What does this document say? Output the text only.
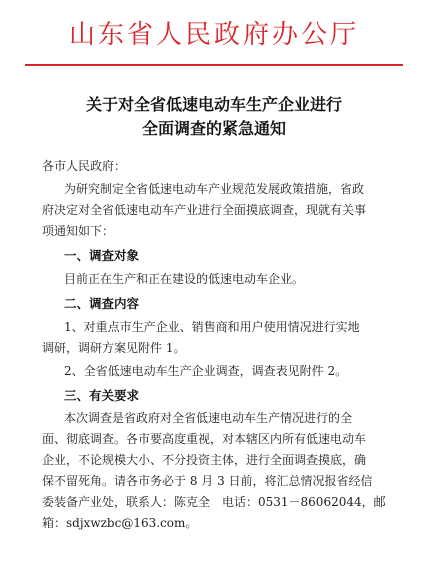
山东省人民政府办公厅
关于对全省低速电动车生产企业进行
全面调查的紧急通知
各市人民政府：
为研究制定全省低速电动车产业规范发展政策措施，省政
府决定对全省低速电动车产业进行全面摸底调查，现就有关事
项通知如下：
一、调查对象
目前正在生产和正在建设的低速电动车企业。
二、调查内容
1、对重点市生产企业、销售商和用户使用情况进行实地
调研，调研方案见附件 1。
2、全省低速电动车生产企业调查，调查表见附件 2。
三、有关要求
本次调查是省政府对全省低速电动车生产情况进行的全
面、彻底调查。各市要高度重视，对本辖区内所有低速电动车
企业，不论规模大小、不分投资主体，进行全面调查摸底，确
保不留死角。请各市务必于 8 月 3 日前，将汇总情况报省经信
委装备产业处，联系人：陈克全　电话：0531－86062044，邮
箱：sdjxwzbc@163.com。
